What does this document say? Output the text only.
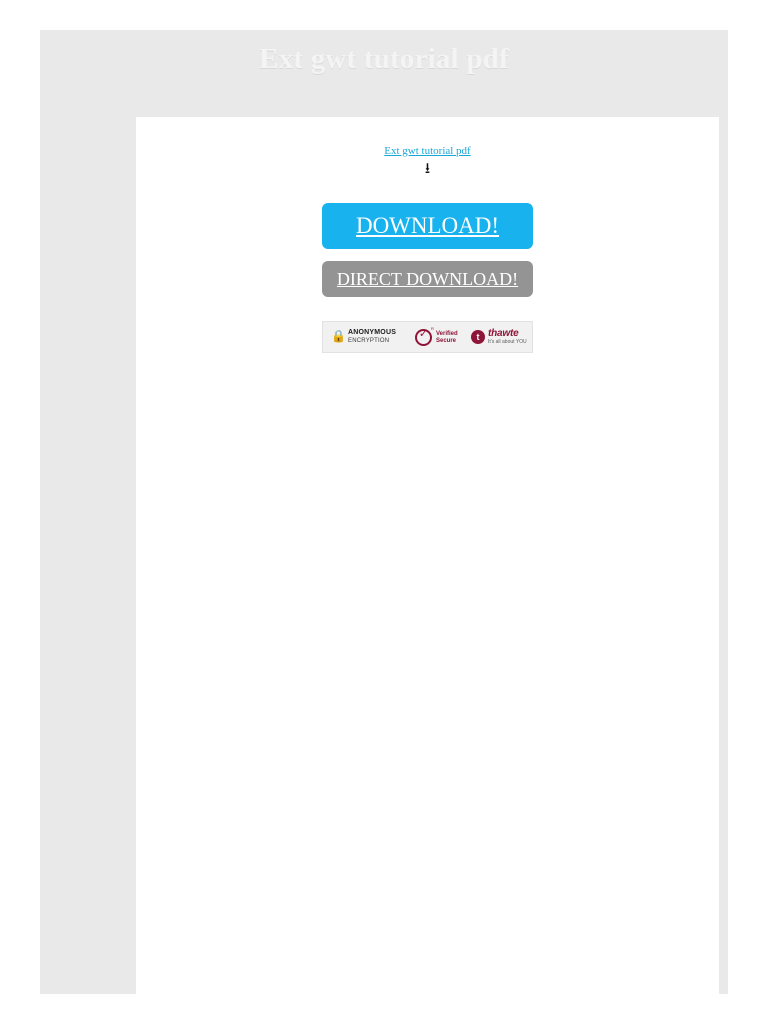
Ext gwt tutorial pdf
Ext gwt tutorial pdf
⭳
DOWNLOAD!
DIRECT DOWNLOAD!
🔒 ANONYMOUS
ENCRYPTION
✓ R
Verified
Secure	t thawte
It's all about YOU
